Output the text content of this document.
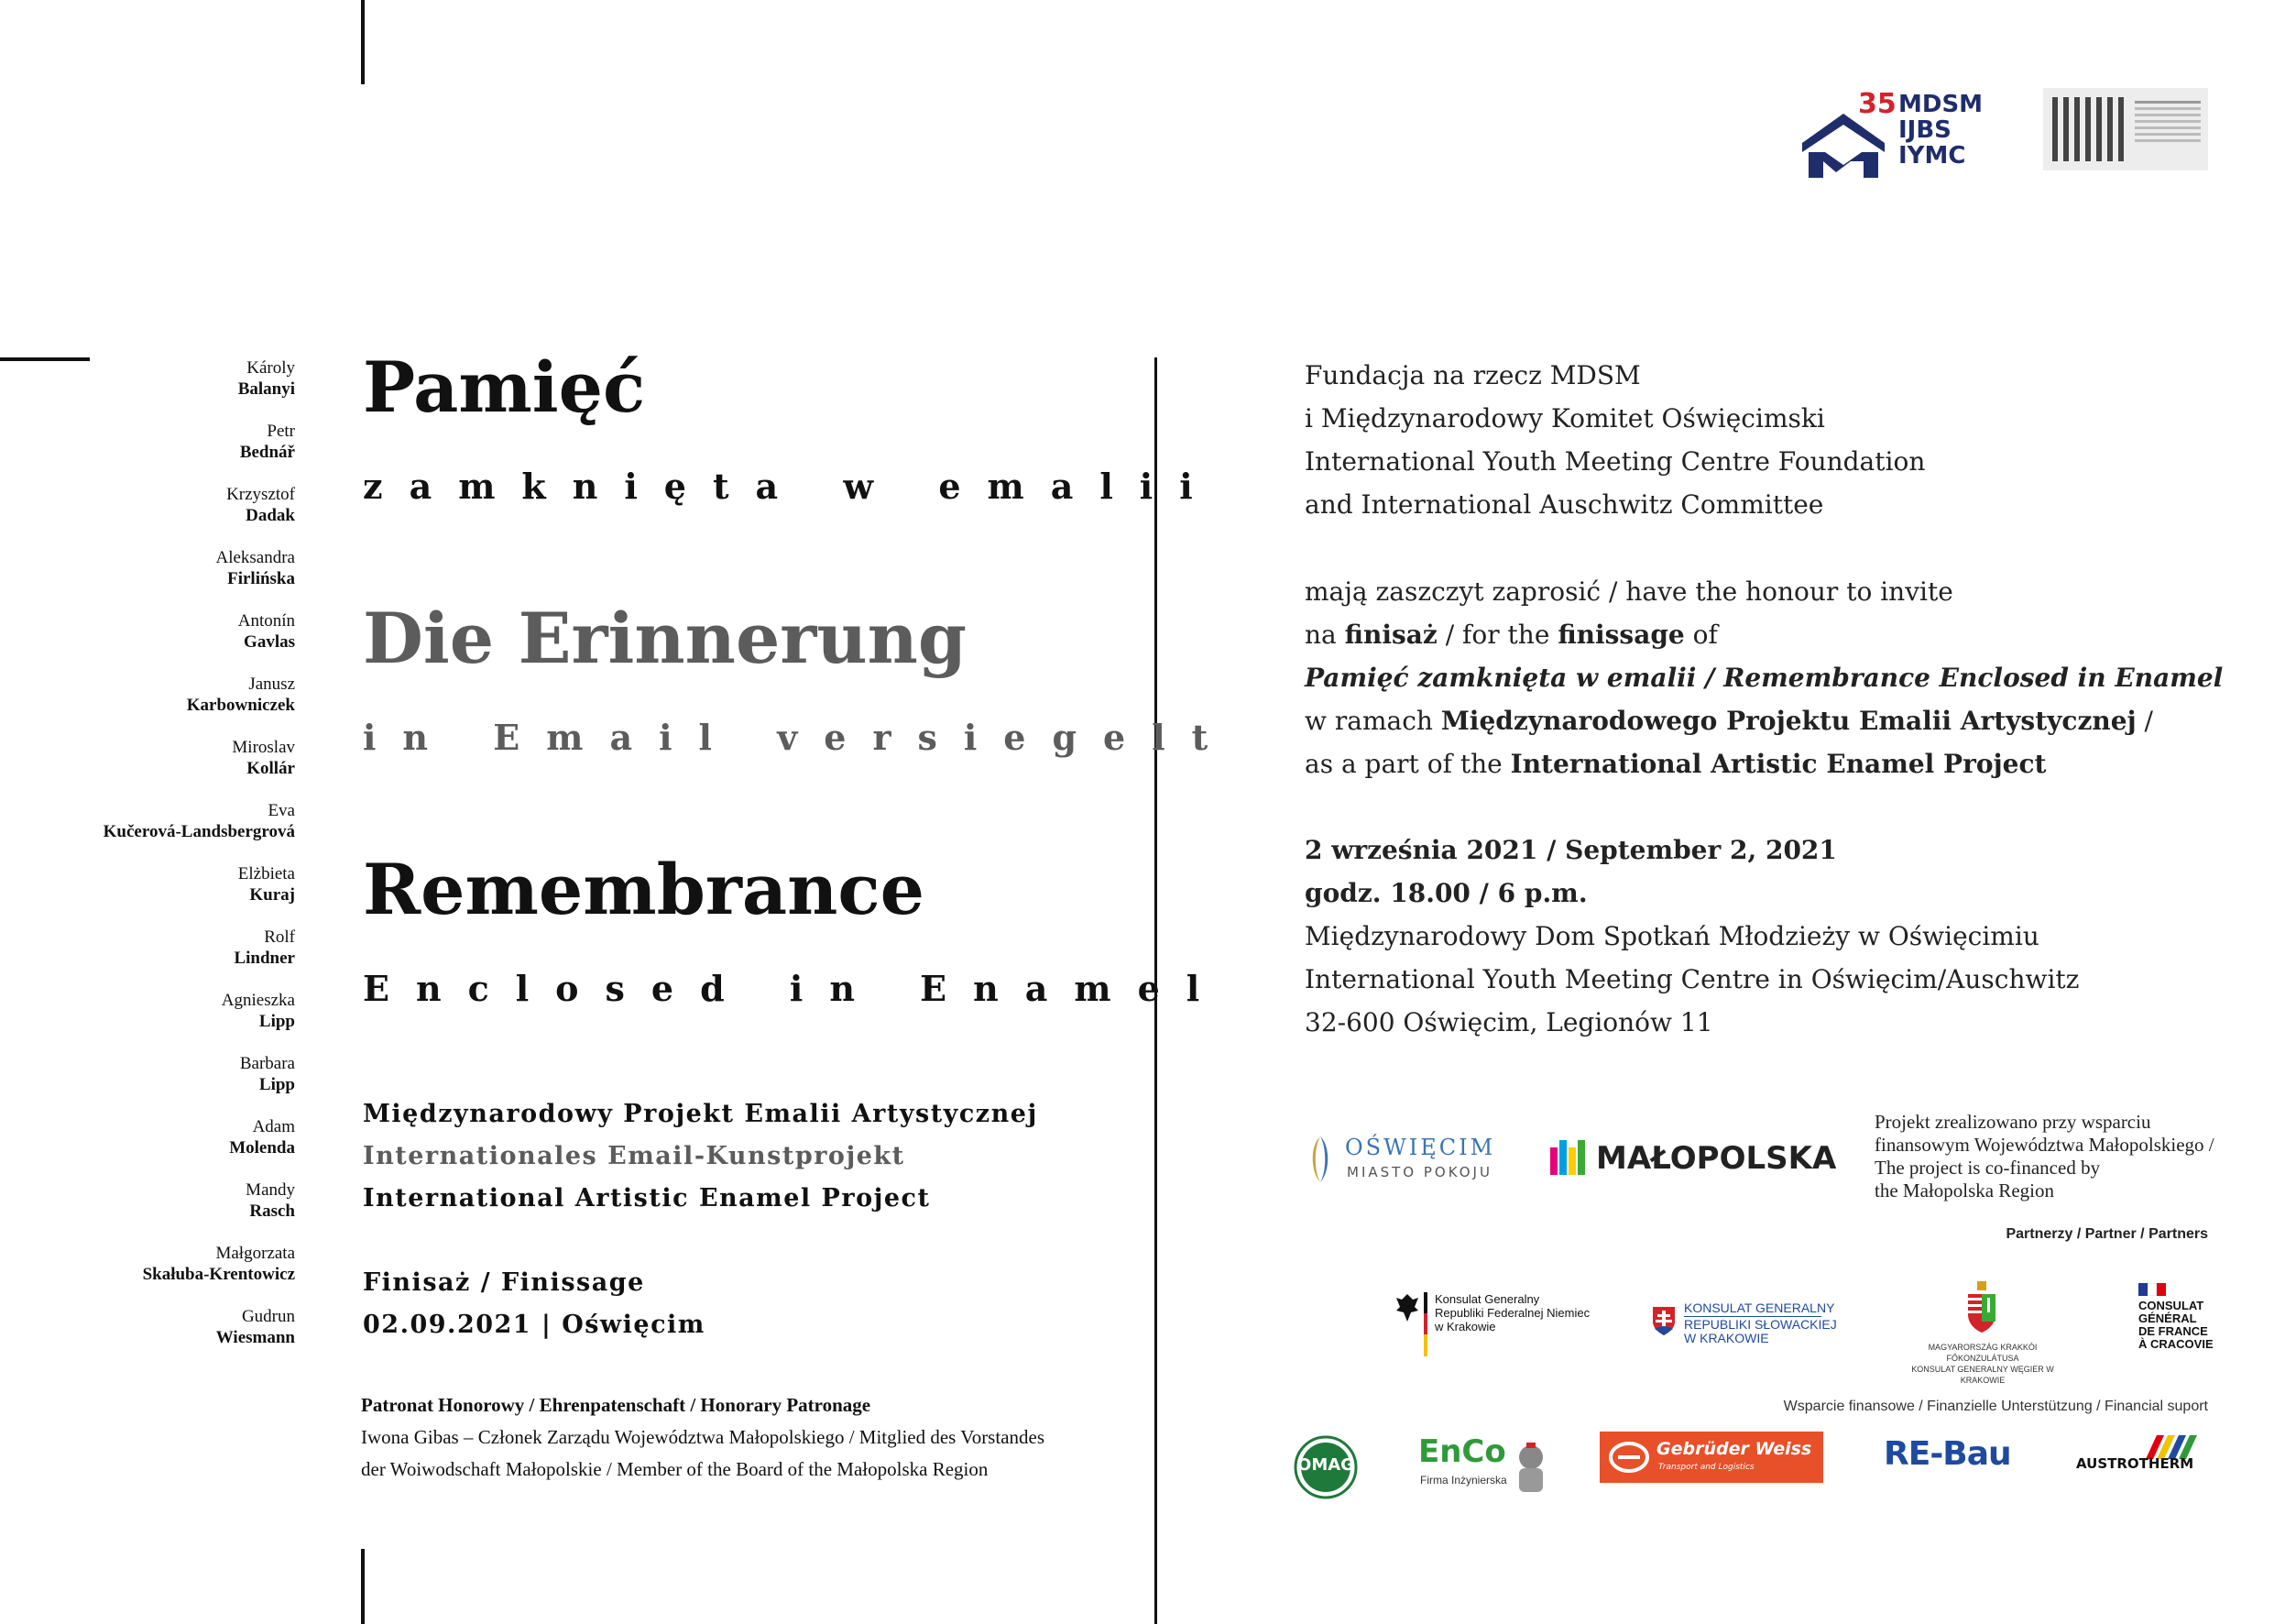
35 MDSM
IJBS
IYMC
Károly
Balanyi
Petr
Bednář
Krzysztof
Dadak
Aleksandra
Firlińska
Antonín
Gavlas
Janusz
Karbowniczek
Miroslav
Kollár
Eva
Kučerová-Landsbergrová
Elżbieta
Kuraj
Rolf
Lindner
Agnieszka
Lipp
Barbara
Lipp
Adam
Molenda
Mandy
Rasch
Małgorzata
Skałuba-Krentowicz
Gudrun
Wiesmann
Pamięć
zamknięta w emalii
Die Erinnerung
in Email versiegelt
Remembrance
Enclosed in Enamel
Międzynarodowy Projekt Emalii Artystycznej
Internationales Email-Kunstprojekt
International Artistic Enamel Project
Finisaż / Finissage
02.09.2021 | Oświęcim
Patronat Honorowy / Ehrenpatenschaft / Honorary Patronage
Iwona Gibas – Członek Zarządu Województwa Małopolskiego / Mitglied des Vorstandes
der Woiwodschaft Małopolskie / Member of the Board of the Małopolska Region
Fundacja na rzecz MDSM
i Międzynarodowy Komitet Oświęcimski
International Youth Meeting Centre Foundation
and International Auschwitz Committee
mają zaszczyt zaprosić / have the honour to invite
na finisaż / for the finissage of
Pamięć zamknięta w emalii / Remembrance Enclosed in Enamel
w ramach Międzynarodowego Projektu Emalii Artystycznej /
as a part of the International Artistic Enamel Project
2 września 2021 / September 2, 2021
godz. 18.00 / 6 p.m.
Międzynarodowy Dom Spotkań Młodzieży w Oświęcimiu
International Youth Meeting Centre in Oświęcim/Auschwitz
32-600 Oświęcim, Legionów 11
OŚWIĘCIM
MIASTO POKOJU	MAŁOPOLSKA
Projekt zrealizowano przy wsparciu
finansowym Województwa Małopolskiego /
The project is co-financed by
the Małopolska Region
Partnerzy / Partner / Partners
Konsulat Generalny
Republiki Federalnej Niemiec
w Krakowie
KONSULAT GENERALNY
REPUBLIKI SŁOWACKIEJ
W KRAKOWIE
MAGYARORSZÁG KRAKKÓI FŐKONZULÁTUSA
KONSULAT GENERALNY WĘGIER W KRAKOWIE
CONSULAT
GÉNÉRAL
DE FRANCE
À CRACOVIE
Wsparcie finansowe / Finanzielle Unterstützung / Financial suport
OMAG EnCo
Firma Inżynierska
Gebrüder Weiss
Transport and Logistics	RE-Bau	AUSTROTHERM
